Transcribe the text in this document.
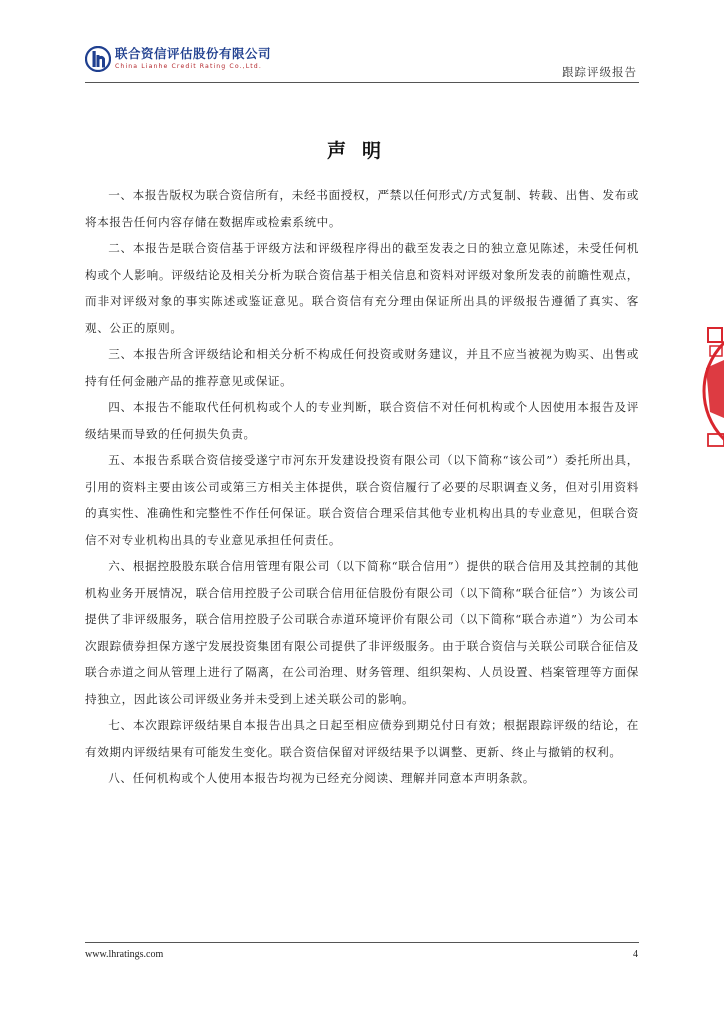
联合资信评估股份有限公司
China Lianhe Credit Rating Co.,Ltd.	跟踪评级报告
声明

一、本报告版权为联合资信所有，未经书面授权，严禁以任何形式/方式复制、转载、出售、发布或将本报告任何内容存储在数据库或检索系统中。

二、本报告是联合资信基于评级方法和评级程序得出的截至发表之日的独立意见陈述，未受任何机构或个人影响。评级结论及相关分析为联合资信基于相关信息和资料对评级对象所发表的前瞻性观点，而非对评级对象的事实陈述或鉴证意见。联合资信有充分理由保证所出具的评级报告遵循了真实、客观、公正的原则。

三、本报告所含评级结论和相关分析不构成任何投资或财务建议，并且不应当被视为购买、出售或持有任何金融产品的推荐意见或保证。

四、本报告不能取代任何机构或个人的专业判断，联合资信不对任何机构或个人因使用本报告及评级结果而导致的任何损失负责。

五、本报告系联合资信接受遂宁市河东开发建设投资有限公司（以下简称“该公司”）委托所出具，引用的资料主要由该公司或第三方相关主体提供，联合资信履行了必要的尽职调查义务，但对引用资料的真实性、准确性和完整性不作任何保证。联合资信合理采信其他专业机构出具的专业意见，但联合资信不对专业机构出具的专业意见承担任何责任。

六、根据控股股东联合信用管理有限公司（以下简称“联合信用”）提供的联合信用及其控制的其他机构业务开展情况，联合信用控股子公司联合信用征信股份有限公司（以下简称“联合征信”）为该公司提供了非评级服务，联合信用控股子公司联合赤道环境评价有限公司（以下简称“联合赤道”）为公司本次跟踪债券担保方遂宁发展投资集团有限公司提供了非评级服务。由于联合资信与关联公司联合征信及联合赤道之间从管理上进行了隔离，在公司治理、财务管理、组织架构、人员设置、档案管理等方面保持独立，因此该公司评级业务并未受到上述关联公司的影响。

七、本次跟踪评级结果自本报告出具之日起至相应债券到期兑付日有效；根据跟踪评级的结论，在有效期内评级结果有可能发生变化。联合资信保留对评级结果予以调整、更新、终止与撤销的权利。

八、任何机构或个人使用本报告均视为已经充分阅读、理解并同意本声明条款。

www.lhratings.com	4
